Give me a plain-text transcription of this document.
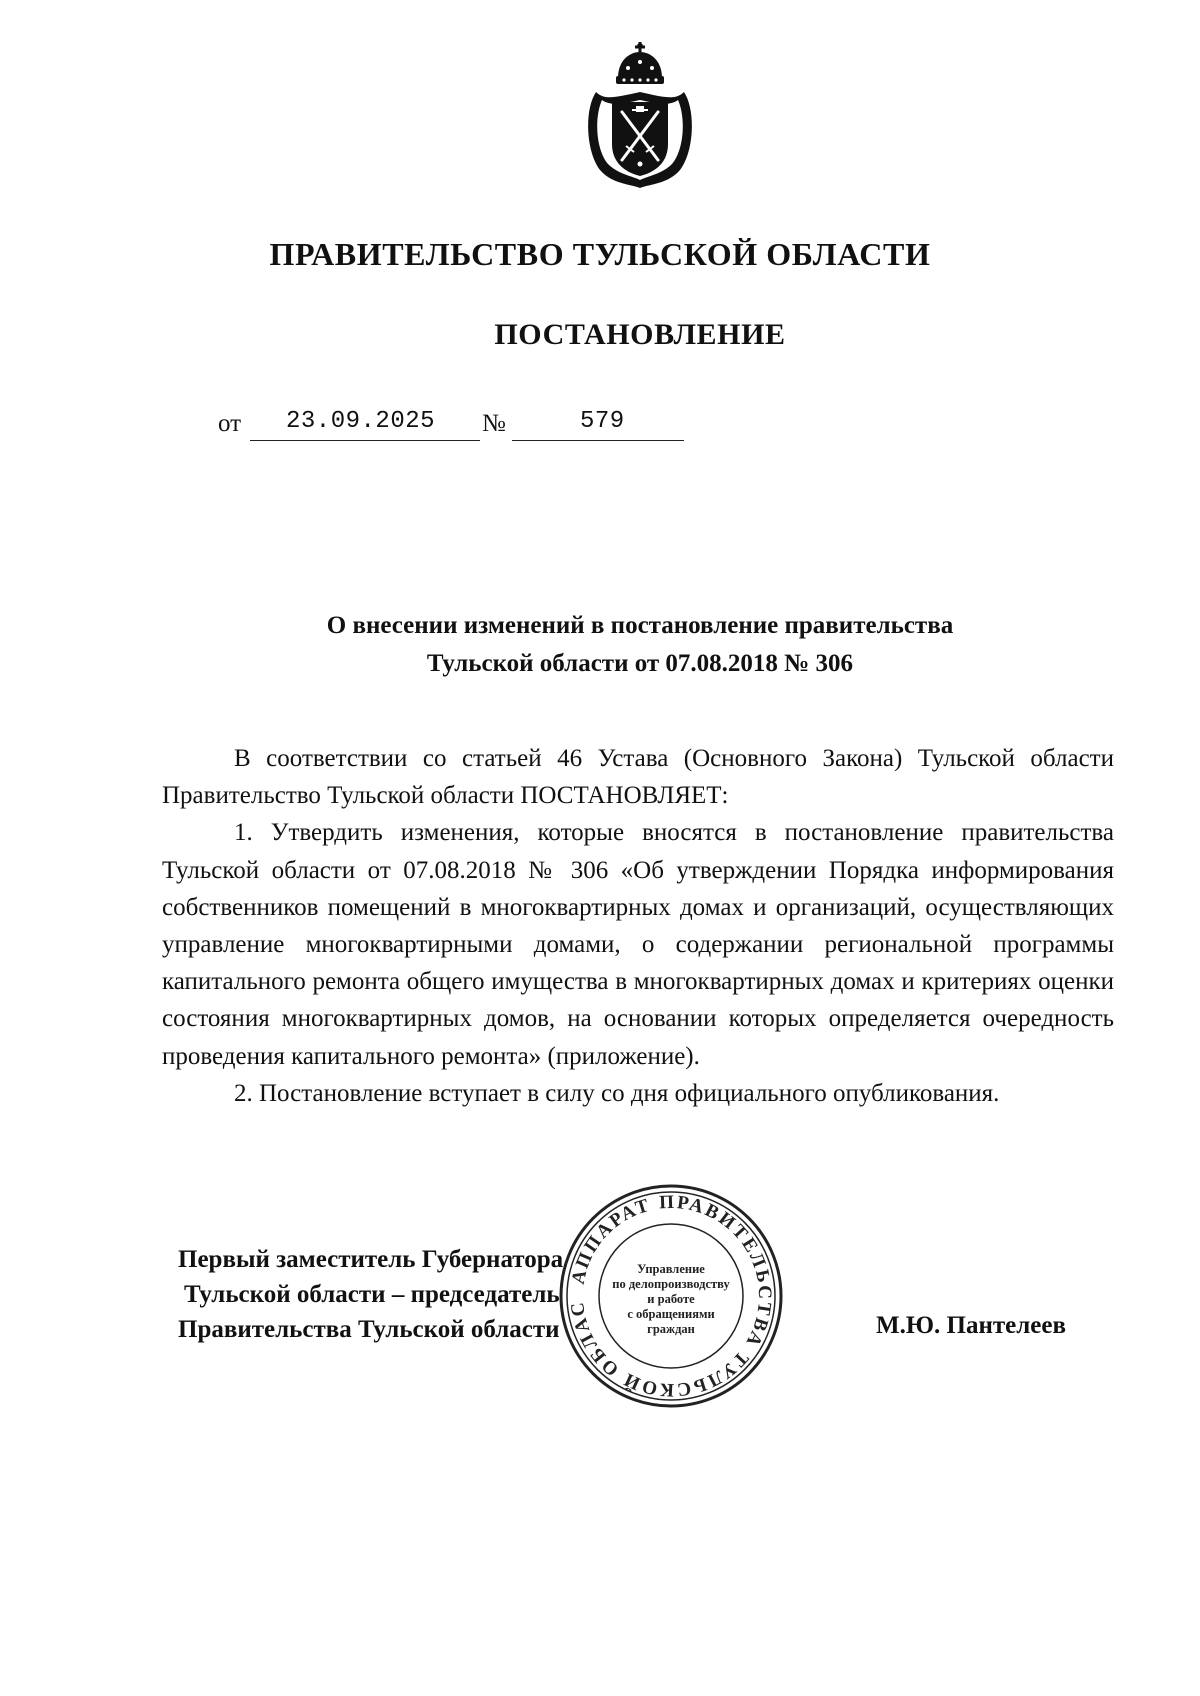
ПРАВИТЕЛЬСТВО ТУЛЬСКОЙ ОБЛАСТИ
ПОСТАНОВЛЕНИЕ
от 23.09.2025 №	579
О внесении изменений в постановление правительства
Тульской области от 07.08.2018 № 306

В соответствии со статьей 46 Устава (Основного Закона) Тульской области Правительство Тульской области ПОСТАНОВЛЯЕТ:

1. Утвердить изменения, которые вносятся в постановление правительства Тульской области от 07.08.2018 № 306 «Об утверждении Порядка информирования собственников помещений в многоквартирных домах и организаций, осуществляющих управление многоквартирными домами, о содержании региональной программы капитального ремонта общего имущества в многоквартирных домах и критериях оценки состояния многоквартирных домов, на основании которых определяется очередность проведения капитального ремонта» (приложение).

2. Постановление вступает в силу со дня официального опубликования.

Первый заместитель Губернатора
Тульской области – председатель
Правительства Тульской области	М.Ю. Пантелеев
АППАРАТ ПРАВИТЕЛЬСТВА ТУЛЬСКОЙ ОБЛАС
Управление
по делопроизводству
и работе
с обращениями
граждан
